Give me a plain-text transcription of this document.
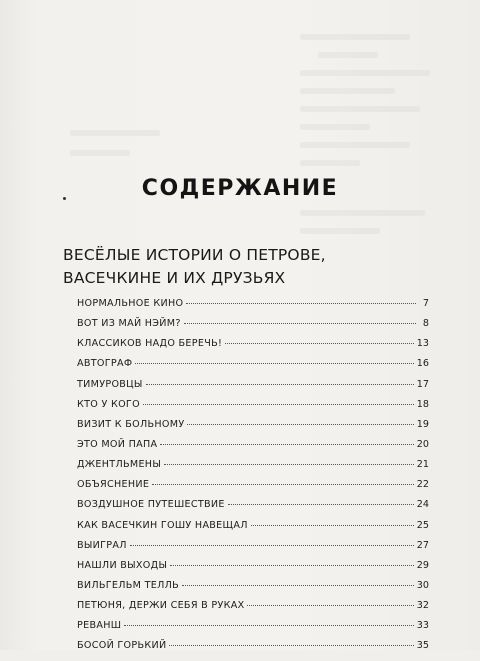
СОДЕРЖАНИЕ
ВЕСЁЛЫЕ ИСТОРИИ О ПЕТРОВЕ,
ВАСЕЧКИНЕ И ИХ ДРУЗЬЯХ
НОРМАЛЬНОЕ КИНО	7
ВОТ ИЗ МАЙ НЭЙМ?	8
КЛАССИКОВ НАДО БЕРЕЧЬ!	13
АВТОГРАФ	16
ТИМУРОВЦЫ	17
КТО У КОГО	18
ВИЗИТ К БОЛЬНОМУ	19
ЭТО МОЙ ПАПА	20
ДЖЕНТЛЬМЕНЫ	21
ОБЪЯСНЕНИЕ	22
ВОЗДУШНОЕ ПУТЕШЕСТВИЕ	24
КАК ВАСЕЧКИН ГОШУ НАВЕЩАЛ	25
ВЫИГРАЛ	27
НАШЛИ ВЫХОДЫ	29
ВИЛЬГЕЛЬМ ТЕЛЛЬ	30
ПЕТЮНЯ, ДЕРЖИ СЕБЯ В РУКАХ	32
РЕВАНШ	33
БОСОЙ ГОРЬКИЙ	35
